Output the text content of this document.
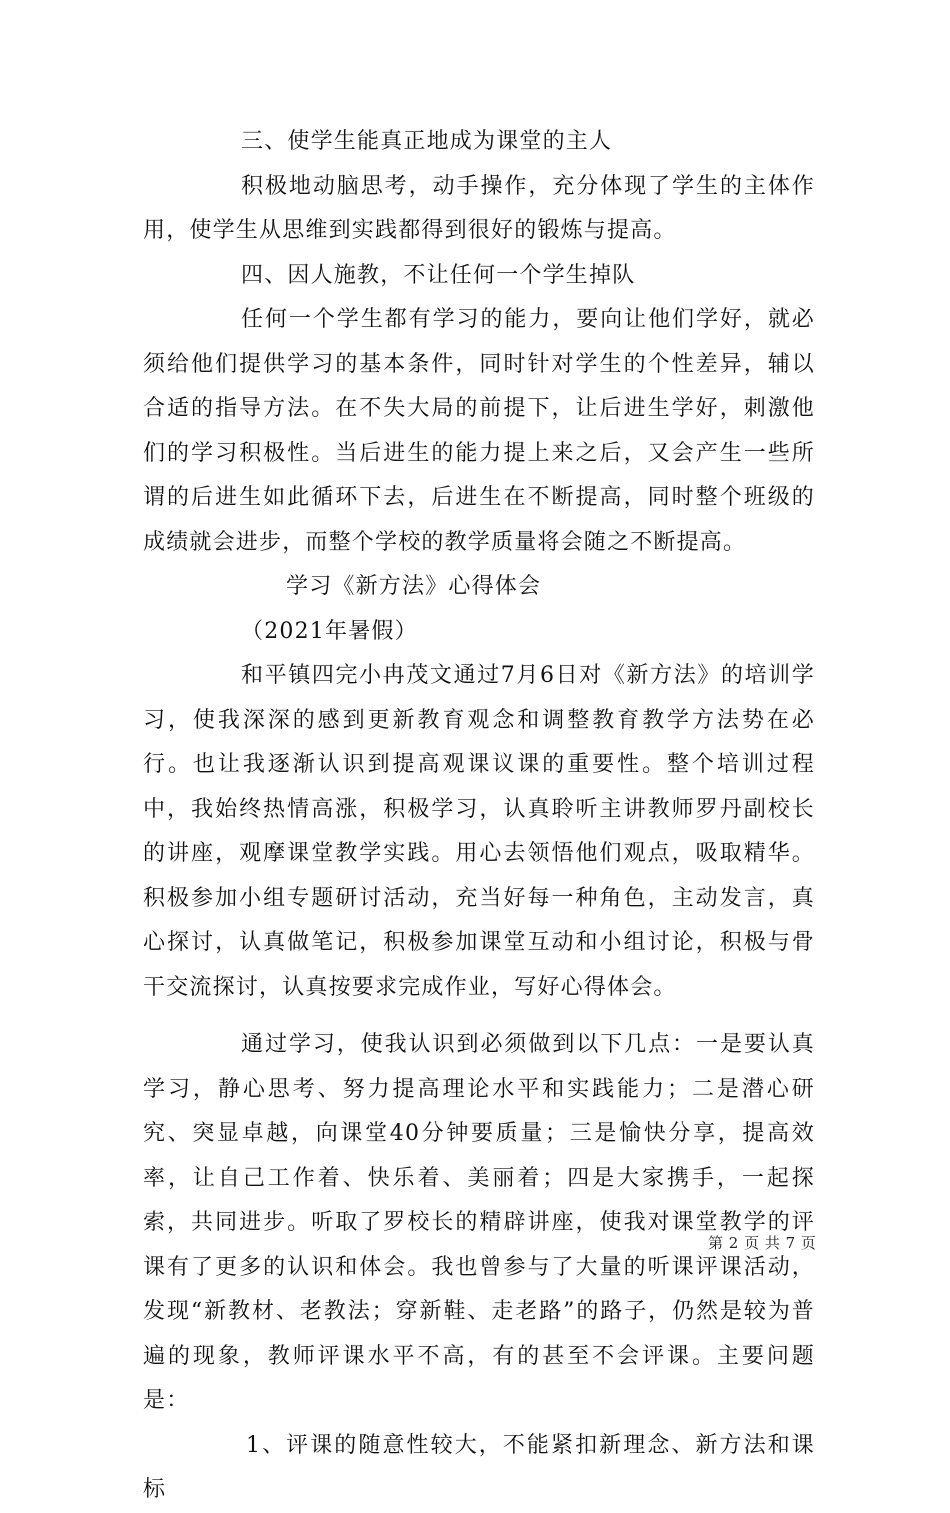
三、使学生能真正地成为课堂的主人

积极地动脑思考，动手操作，充分体现了学生的主体作用，使学生从思维到实践都得到很好的锻炼与提高。

四、因人施教，不让任何一个学生掉队

任何一个学生都有学习的能力，要向让他们学好，就必须给他们提供学习的基本条件，同时针对学生的个性差异，辅以合适的指导方法。在不失大局的前提下，让后进生学好，刺激他们的学习积极性。当后进生的能力提上来之后，又会产生一些所谓的后进生如此循环下去，后进生在不断提高，同时整个班级的成绩就会进步，而整个学校的教学质量将会随之不断提高。

学习《新方法》心得体会

（2021年暑假）

和平镇四完小冉茂文通过7月6日对《新方法》的培训学习，使我深深的感到更新教育观念和调整教育教学方法势在必行。也让我逐渐认识到提高观课议课的重要性。整个培训过程中，我始终热情高涨，积极学习，认真聆听主讲教师罗丹副校长的讲座，观摩课堂教学实践。用心去领悟他们观点，吸取精华。积极参加小组专题研讨活动，充当好每一种角色，主动发言，真心探讨，认真做笔记，积极参加课堂互动和小组讨论，积极与骨干交流探讨，认真按要求完成作业，写好心得体会。

通过学习，使我认识到必须做到以下几点：一是要认真学习，静心思考、努力提高理论水平和实践能力；二是潜心研究、突显卓越，向课堂40分钟要质量；三是愉快分享，提高效率，让自己工作着、快乐着、美丽着；四是大家携手，一起探索，共同进步。听取了罗校长的精辟讲座，使我对课堂教学的评课有了更多的认识和体会。我也曾参与了大量的听课评课活动，发现“新教材、老教法；穿新鞋、走老路”的路子，仍然是较为普遍的现象，教师评课水平不高，有的甚至不会评课。主要问题是：

1、评课的随意性较大，不能紧扣新理念、新方法和课标

第 2 页 共 7 页
